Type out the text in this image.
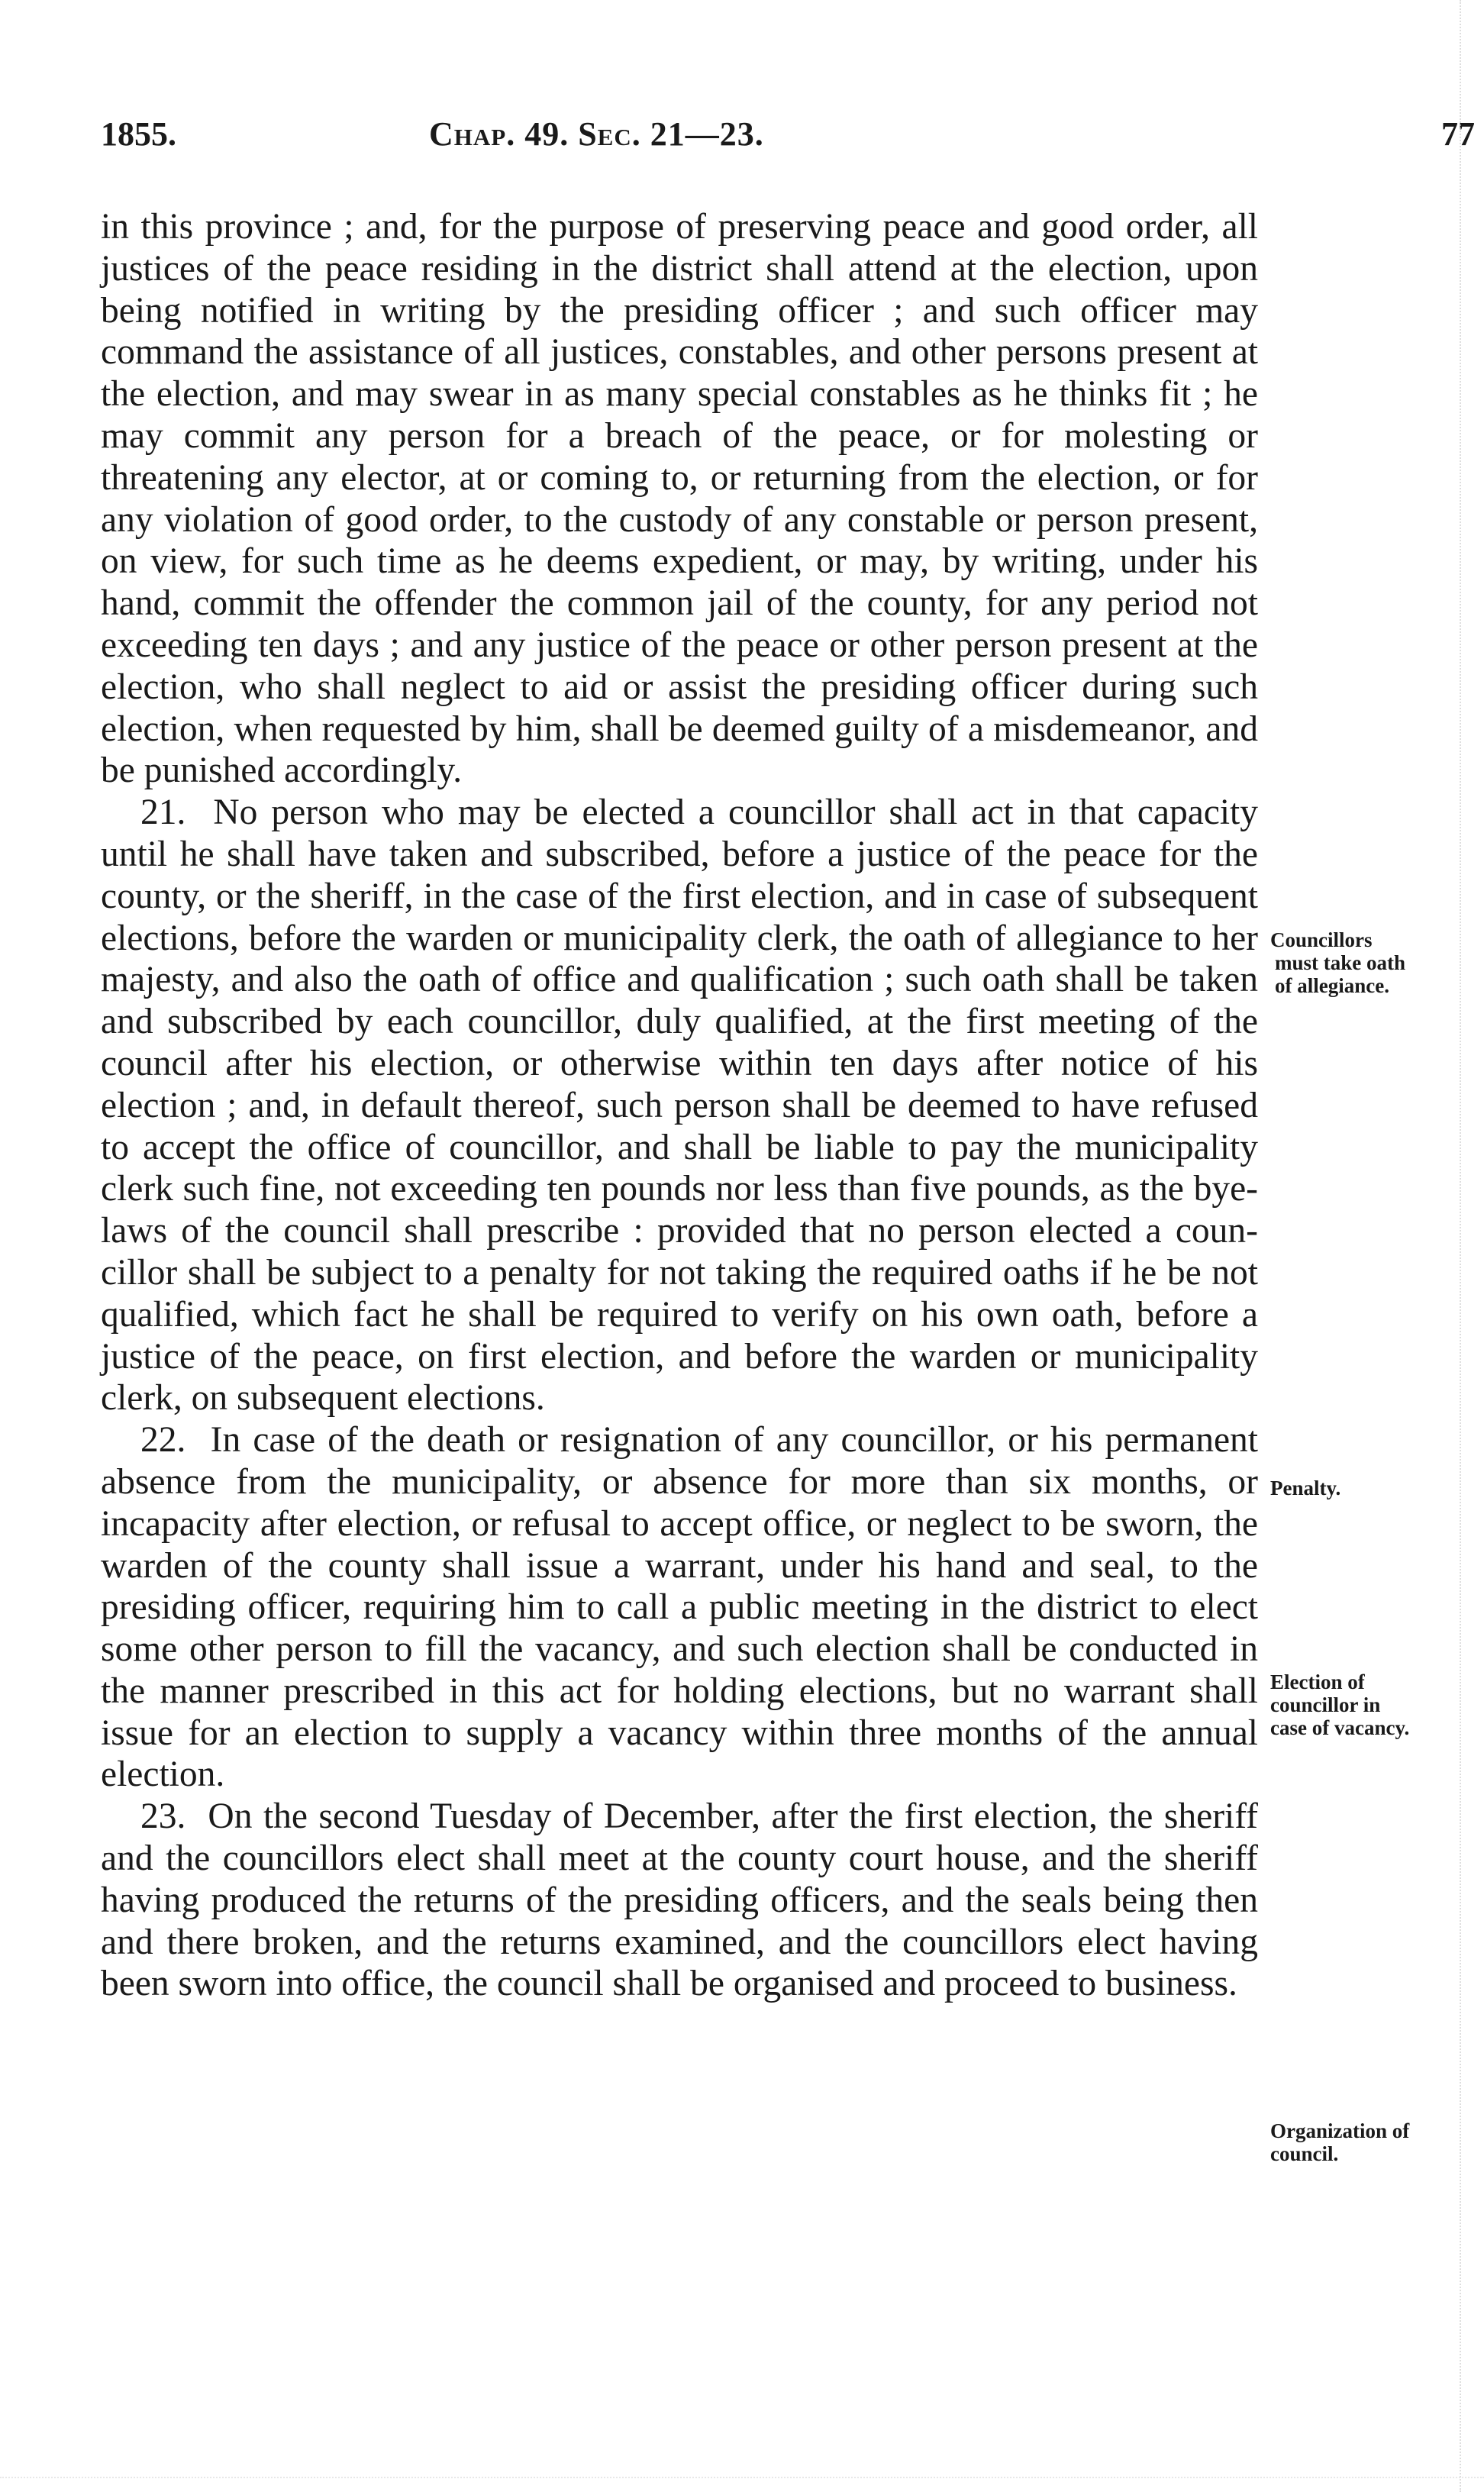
1855.	Chap. 49. Sec. 21—23.	77

in this province ; and, for the purpose of preserving peace and good order, all justices of the peace residing in the district shall attend at the election, upon being notified in writing by the presiding officer ; and such officer may command the assistance of all justices, constables, and other persons present at the election, and may swear in as many special constables as he thinks fit ; he may commit any person for a breach of the peace, or for molesting or threatening any elector, at or coming to, or returning from the election, or for any violation of good order, to the custody of any constable or person present, on view, for such time as he deems expedient, or may, by writing, under his hand, commit the offender the common jail of the county, for any period not exceeding ten days ; and any justice of the peace or other person present at the election, who shall neglect to aid or assist the presiding officer during such election, when requested by him, shall be deemed guilty of a misdemeanor, and be punished accordingly.

21. No person who may be elected a councillor shall act in that capacity until he shall have taken and subscribed, before a justice of the peace for the county, or the sheriff, in the case of the first election, and in case of subsequent elections, before the warden or municipality clerk, the oath of allegiance to her majesty, and also the oath of office and qualification ; such oath shall be taken and subscribed by each councillor, duly qualified, at the first meeting of the council after his election, or otherwise within ten days after notice of his election ; and, in default thereof, such person shall be deemed to have refused to accept the office of councillor, and shall be liable to pay the municipality clerk such fine, not exceeding ten pounds nor less than five pounds, as the bye-laws of the council shall prescribe : provided that no person elected a councillor shall be subject to a penalty for not taking the required oaths if he be not qualified, which fact he shall be required to verify on his own oath, before a justice of the peace, on first election, and before the warden or municipality clerk, on subsequent elections.

22. In case of the death or resignation of any councillor, or his permanent absence from the municipality, or absence for more than six months, or incapacity after election, or refusal to accept office, or neglect to be sworn, the warden of the county shall issue a warrant, under his hand and seal, to the presiding officer, requiring him to call a public meeting in the district to elect some other person to fill the vacancy, and such election shall be conducted in the manner prescribed in this act for holding elections, but no warrant shall issue for an election to supply a vacancy within three months of the annual election.

23. On the second Tuesday of December, after the first election, the sheriff and the councillors elect shall meet at the county court house, and the sheriff having produced the returns of the presiding officers, and the seals being then and there broken, and the returns examined, and the councillors elect having been sworn into office, the council shall be organised and proceed to business.

Councillors
must take oath
of allegiance.
Penalty.
Election of
councillor in
case of vacancy.
Organization of
council.
